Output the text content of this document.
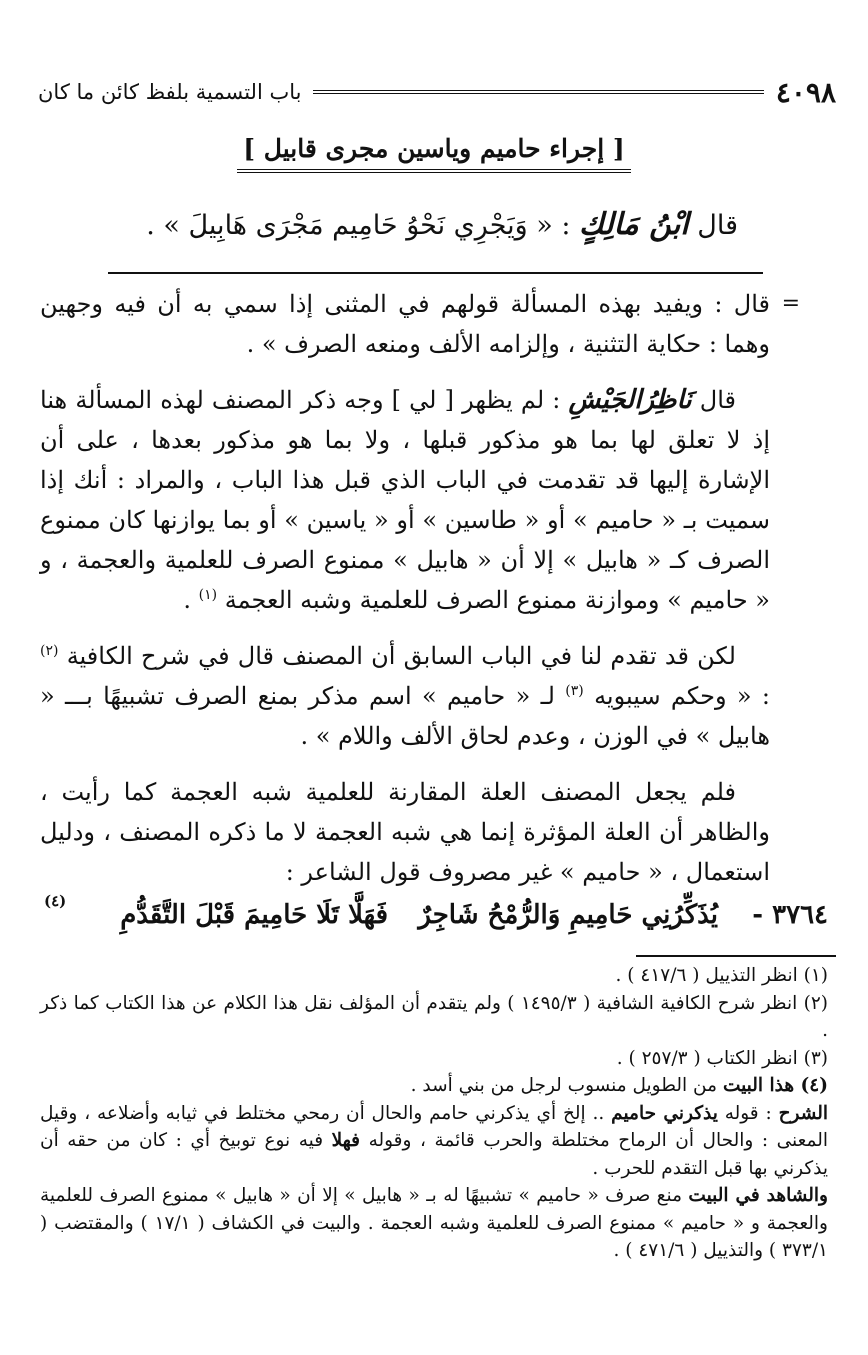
٤٠٩٨
باب التسمية بلفظ كائن ما كان
[ إجراء حاميم وياسين مجرى قابيل ]
قال ابْنُ مَالِكٍ : « وَيَجْرِي نَحْوُ حَامِيم مَجْرَى هَابِيلَ » .

=
قال : ويفيد بهذه المسألة قولهم في المثنى إذا سمي به أن فيه وجهين وهما : حكاية التثنية ، وإلزامه الألف ومنعه الصرف » .

قال نَاظِرُالجَيْشِ : لم يظهر [ لي ] وجه ذكر المصنف لهذه المسألة هنا إذ لا تعلق لها بما هو مذكور قبلها ، ولا بما هو مذكور بعدها ، على أن الإشارة إليها قد تقدمت في الباب الذي قبل هذا الباب ، والمراد : أنك إذا سميت بـ « حاميم » أو « طاسين » أو « ياسين » أو بما يوازنها كان ممنوع الصرف كـ « هابيل » إلا أن « هابيل » ممنوع الصرف للعلمية والعجمة ، و « حاميم » وموازنة ممنوع الصرف للعلمية وشبه العجمة $^{(١)}$ .

لكن قد تقدم لنا في الباب السابق أن المصنف قال في شرح الكافية $^{(٢)}$ : « وحكم سيبويه $^{(٣)}$ لـ « حاميم » اسم مذكر بمنع الصرف تشبيهًا بـــ « هابيل » في الوزن ، وعدم لحاق الألف واللام » .

فلم يجعل المصنف العلة المقارنة للعلمية شبه العجمة كما رأيت ، والظاهر أن العلة المؤثرة إنما هي شبه العجمة لا ما ذكره المصنف ، ودليل استعمال ، « حاميم » غير مصروف قول الشاعر :

٣٧٦٤ -
يُذَكِّرُنِي حَامِيمِ وَالرُّمْحُ شَاجِرٌ
فَهَلَّا تَلَا حَامِيمَ قَبْلَ التَّقَدُّمِ
(٤)

(١) انظر التذييل ( ٤١٧/٦ ) .

(٢) انظر شرح الكافية الشافية ( ١٤٩٥/٣ ) ولم يتقدم أن المؤلف نقل هذا الكلام عن هذا الكتاب كما ذكر .

(٣) انظر الكتاب ( ٢٥٧/٣ ) .

(٤) هذا البيت من الطويل منسوب لرجل من بني أسد .

الشرح : قوله يذكرني حاميم .. إلخ أي يذكرني حامم والحال أن رمحي مختلط في ثيابه وأضلاعه ، وقيل المعنى : والحال أن الرماح مختلطة والحرب قائمة ، وقوله فهلا فيه نوع توبيخ أي : كان من حقه أن يذكرني بها قبل التقدم للحرب .

والشاهد في البيت منع صرف « حاميم » تشبيهًا له بـ « هابيل » إلا أن « هابيل » ممنوع الصرف للعلمية والعجمة و « حاميم » ممنوع الصرف للعلمية وشبه العجمة . والبيت في الكشاف ( ١٧/١ ) والمقتضب ( ٣٧٣/١ ) والتذييل ( ٤٧١/٦ ) .
